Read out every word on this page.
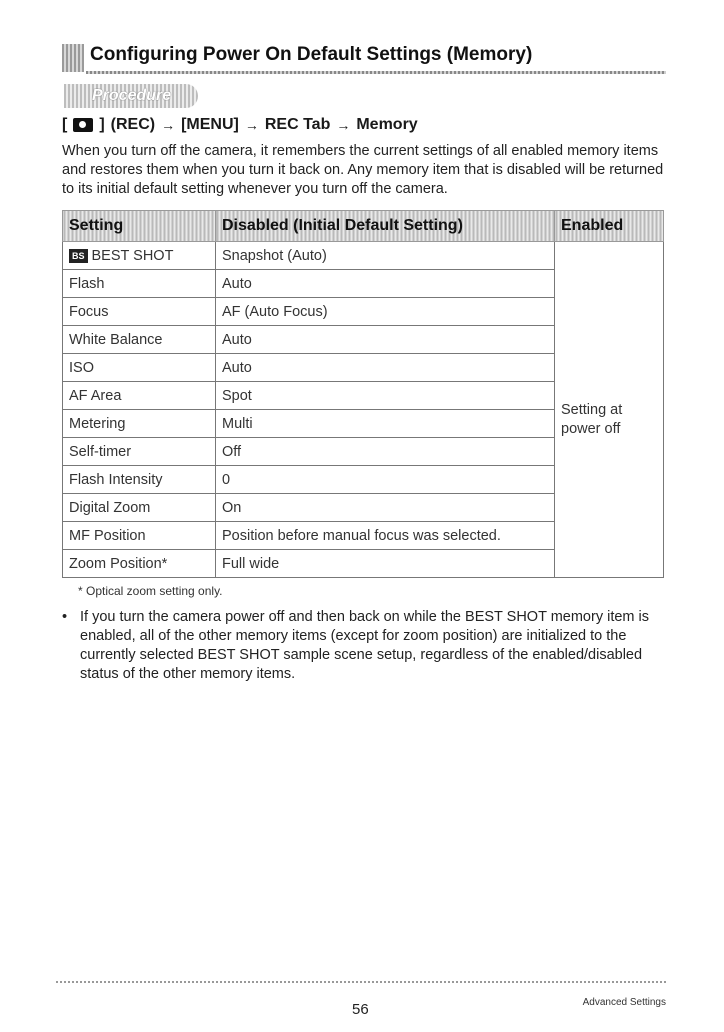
Configuring Power On Default Settings (Memory)
Procedure
[ ] (REC) → [MENU] → REC Tab → Memory
When you turn off the camera, it remembers the current settings of all enabled memory items and restores them when you turn it back on. Any memory item that is disabled will be returned to its initial default setting whenever you turn off the camera.
Setting	Disabled (Initial Default Setting)	Enabled
BS BEST SHOT	Snapshot (Auto)	Setting at power off
Flash	Auto	
Focus	AF (Auto Focus)	
White Balance	Auto	
ISO	Auto	
AF Area	Spot	
Metering	Multi	
Self-timer	Off	
Flash Intensity	0	
Digital Zoom	On	
MF Position	Position before manual focus was selected.	
Zoom Position*	Full wide	
* Optical zoom setting only.
• If you turn the camera power off and then back on while the BEST SHOT memory item is enabled, all of the other memory items (except for zoom position) are initialized to the currently selected BEST SHOT sample scene setup, regardless of the enabled/disabled status of the other memory items.
56	Advanced Settings
